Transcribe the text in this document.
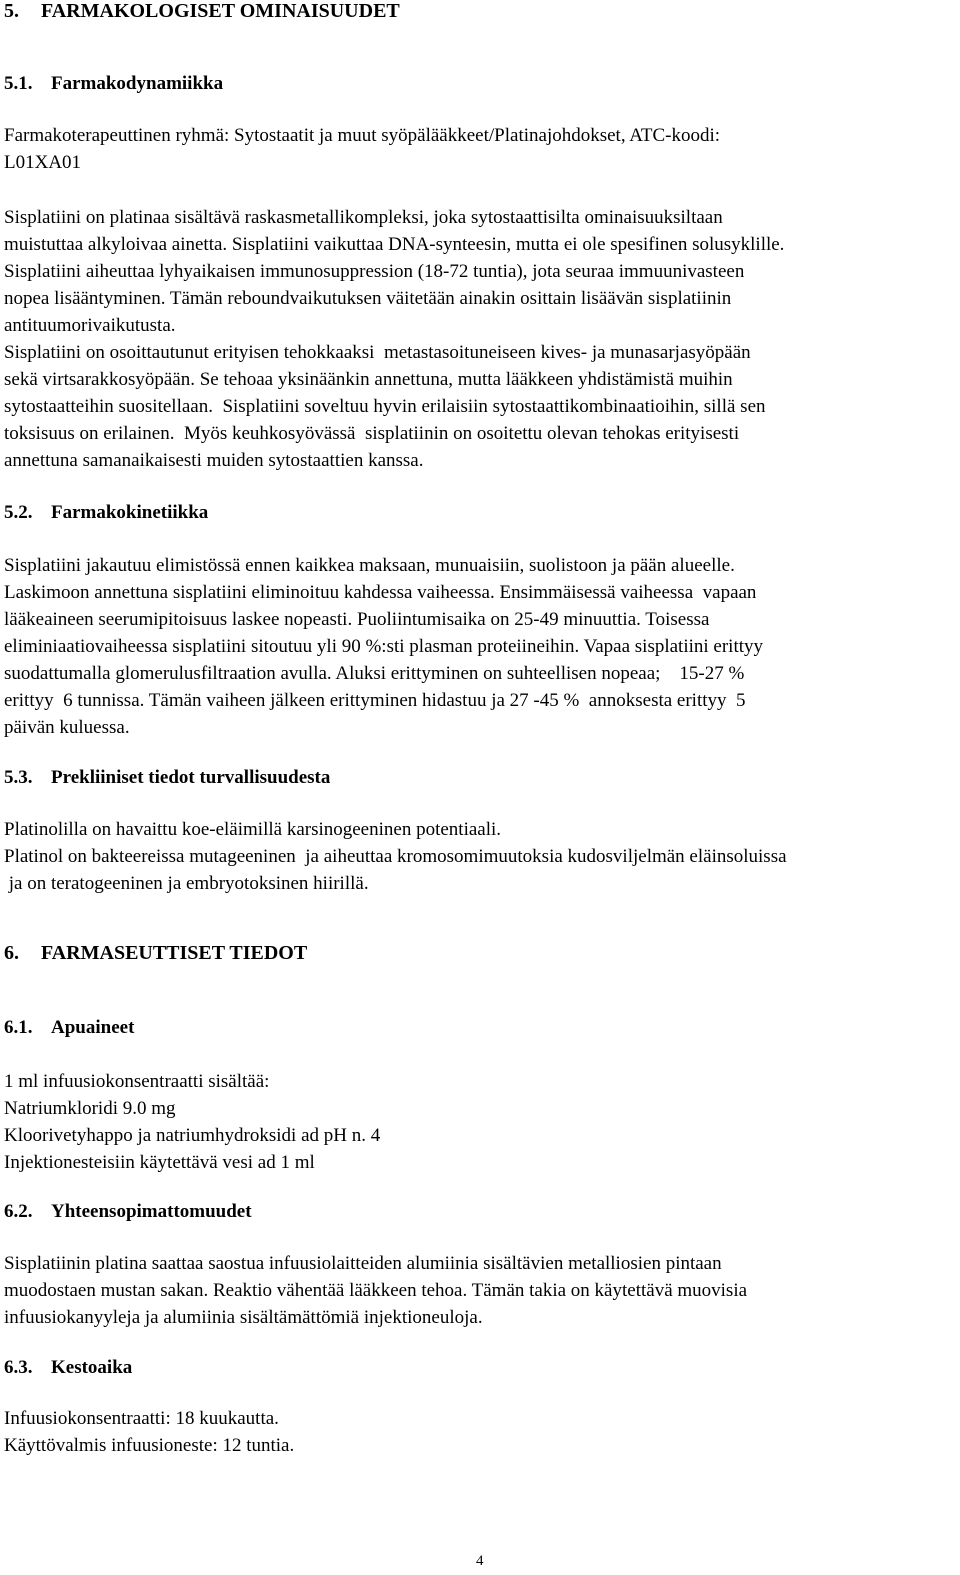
5. FARMAKOLOGISET OMINAISUUDET
5.1. Farmakodynamiikka
Farmakoterapeuttinen ryhmä: Sytostaatit ja muut syöpälääkkeet/Platinajohdokset, ATC-koodi:
L01XA01
Sisplatiini on platinaa sisältävä raskasmetallikompleksi, joka sytostaattisilta ominaisuuksiltaan
muistuttaa alkyloivaa ainetta. Sisplatiini vaikuttaa DNA-synteesin, mutta ei ole spesifinen solusyklille.
Sisplatiini aiheuttaa lyhyaikaisen immunosuppression (18-72 tuntia), jota seuraa immuunivasteen
nopea lisääntyminen. Tämän reboundvaikutuksen väitetään ainakin osittain lisäävän sisplatiinin
antituumorivaikutusta.
Sisplatiini on osoittautunut erityisen tehokkaaksi  metastasoituneiseen kives- ja munasarjasyöpään
sekä virtsarakkosyöpään. Se tehoaa yksinäänkin annettuna, mutta lääkkeen yhdistämistä muihin
sytostaatteihin suositellaan.  Sisplatiini soveltuu hyvin erilaisiin sytostaattikombinaatioihin, sillä sen
toksisuus on erilainen.  Myös keuhkosyövässä  sisplatiinin on osoitettu olevan tehokas erityisesti
annettuna samanaikaisesti muiden sytostaattien kanssa.
5.2. Farmakokinetiikka
Sisplatiini jakautuu elimistössä ennen kaikkea maksaan, munuaisiin, suolistoon ja pään alueelle.
Laskimoon annettuna sisplatiini eliminoituu kahdessa vaiheessa. Ensimmäisessä vaiheessa  vapaan
lääkeaineen seerumipitoisuus laskee nopeasti. Puoliintumisaika on 25-49 minuuttia. Toisessa
eliminiaatiovaiheessa sisplatiini sitoutuu yli 90 %:sti plasman proteiineihin. Vapaa sisplatiini erittyy
suodattumalla glomerulusfiltraation avulla. Aluksi erittyminen on suhteellisen nopeaa;    15-27 %
erittyy  6 tunnissa. Tämän vaiheen jälkeen erittyminen hidastuu ja 27 -45 %  annoksesta erittyy  5
päivän kuluessa.
5.3. Prekliiniset tiedot turvallisuudesta
Platinolilla on havaittu koe-eläimillä karsinogeeninen potentiaali.
Platinol on bakteereissa mutageeninen  ja aiheuttaa kromosomimuutoksia kudosviljelmän eläinsoluissa
ja on teratogeeninen ja embryotoksinen hiirillä.
6. FARMASEUTTISET TIEDOT
6.1. Apuaineet
1 ml infuusiokonsentraatti sisältää:
Natriumkloridi 9.0 mg
Kloorivetyhappo ja natriumhydroksidi ad pH n. 4
Injektionesteisiin käytettävä vesi ad 1 ml
6.2. Yhteensopimattomuudet
Sisplatiinin platina saattaa saostua infuusiolaitteiden alumiinia sisältävien metalliosien pintaan
muodostaen mustan sakan. Reaktio vähentää lääkkeen tehoa. Tämän takia on käytettävä muovisia
infuusiokanyyleja ja alumiinia sisältämättömiä injektioneuloja.
6.3. Kestoaika
Infuusiokonsentraatti: 18 kuukautta.
Käyttövalmis infuusioneste: 12 tuntia.
4
